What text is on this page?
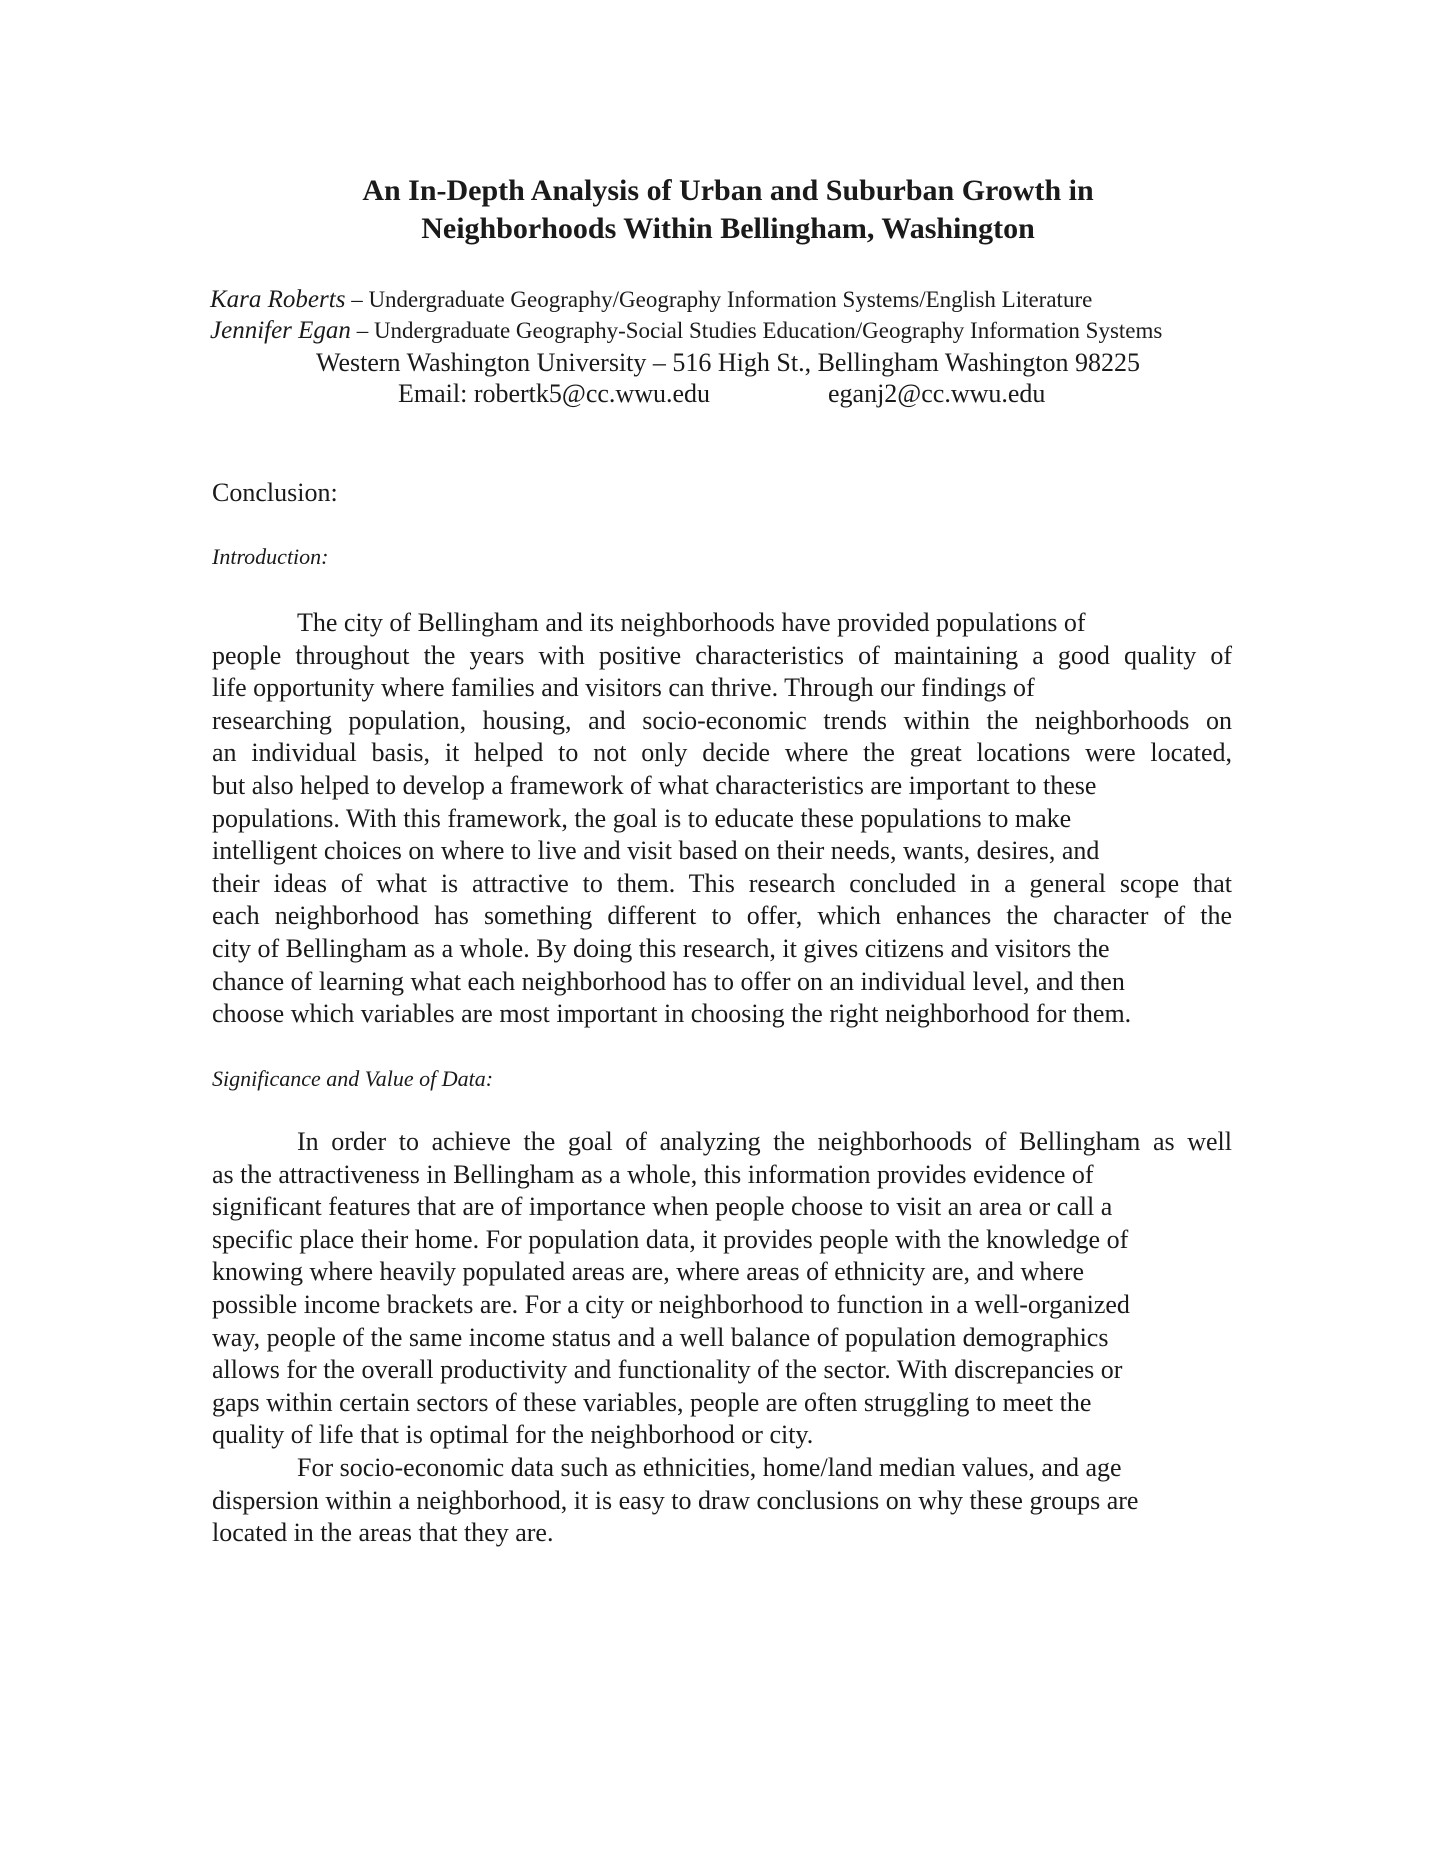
An In-Depth Analysis of Urban and Suburban Growth in
Neighborhoods Within Bellingham, Washington
Kara Roberts – Undergraduate Geography/Geography Information Systems/English Literature
Jennifer Egan – Undergraduate Geography-Social Studies Education/Geography Information Systems
Western Washington University – 516 High St., Bellingham Washington 98225
Email: robertk5@cc.wwu.edu	eganj2@cc.wwu.edu
Conclusion:
Introduction:
The city of Bellingham and its neighborhoods have provided populations of
people throughout the years with positive characteristics of maintaining a good quality of
life opportunity where families and visitors can thrive. Through our findings of
researching population, housing, and socio-economic trends within the neighborhoods on
an individual basis, it helped to not only decide where the great locations were located,
but also helped to develop a framework of what characteristics are important to these
populations. With this framework, the goal is to educate these populations to make
intelligent choices on where to live and visit based on their needs, wants, desires, and
their ideas of what is attractive to them. This research concluded in a general scope that
each neighborhood has something different to offer, which enhances the character of the
city of Bellingham as a whole. By doing this research, it gives citizens and visitors the
chance of learning what each neighborhood has to offer on an individual level, and then
choose which variables are most important in choosing the right neighborhood for them.
Significance and Value of Data:
In order to achieve the goal of analyzing the neighborhoods of Bellingham as well
as the attractiveness in Bellingham as a whole, this information provides evidence of
significant features that are of importance when people choose to visit an area or call a
specific place their home. For population data, it provides people with the knowledge of
knowing where heavily populated areas are, where areas of ethnicity are, and where
possible income brackets are. For a city or neighborhood to function in a well-organized
way, people of the same income status and a well balance of population demographics
allows for the overall productivity and functionality of the sector. With discrepancies or
gaps within certain sectors of these variables, people are often struggling to meet the
quality of life that is optimal for the neighborhood or city.
For socio-economic data such as ethnicities, home/land median values, and age
dispersion within a neighborhood, it is easy to draw conclusions on why these groups are
located in the areas that they are.
